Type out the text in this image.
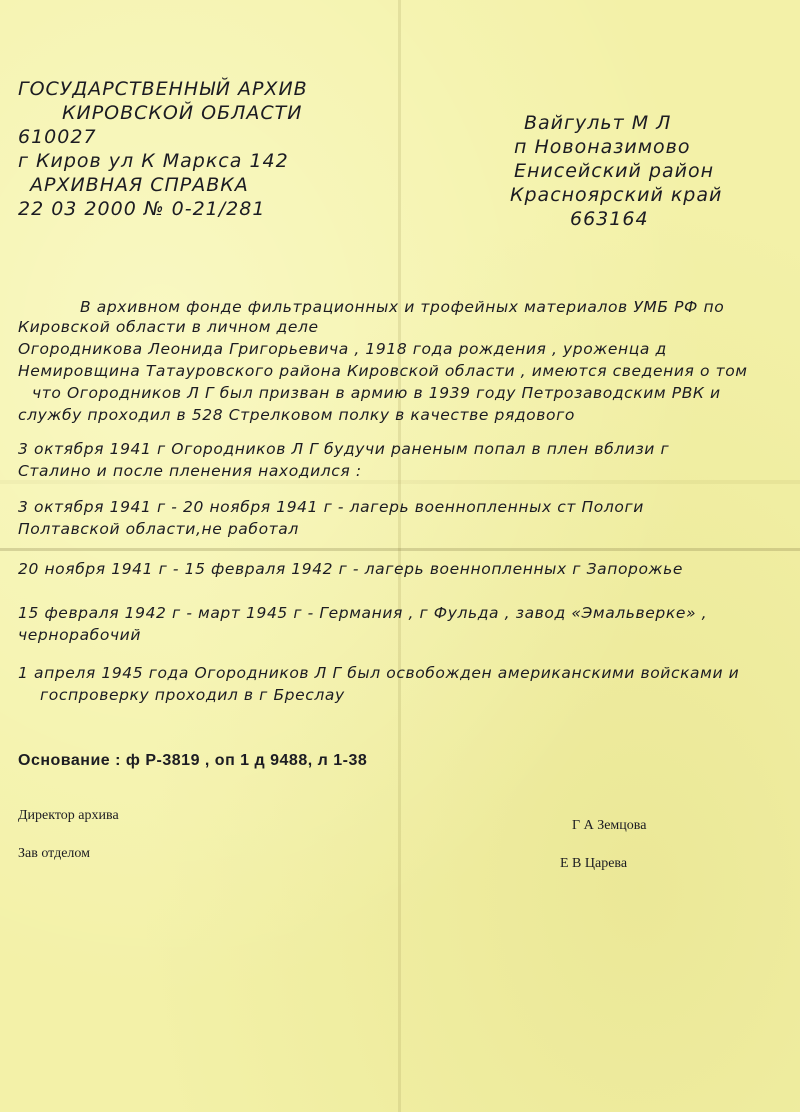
ГОСУДАРСТВЕННЫЙ АРХИВ
КИРОВСКОЙ ОБЛАСТИ
610027
г Киров ул К Маркса 142
АРХИВНАЯ СПРАВКА
22 03 2000 № 0-21/281
Вайгульт М Л
п Новоназимово
Енисейский район
Красноярский край
663164
В архивном фонде фильтрационных и трофейных материалов УМБ РФ по
Кировской области в личном деле
Огородникова Леонида Григорьевича , 1918 года рождения , уроженца д
Немировщина Татауровского района Кировской области , имеются сведения о том
что Огородников Л Г был призван в армию в 1939 году Петрозаводским РВК и
службу проходил в 528 Стрелковом полку в качестве рядового
3 октября 1941 г Огородников Л Г будучи раненым попал в плен вблизи г
Сталино и после пленения находился :
3 октября 1941 г - 20 ноября 1941 г - лагерь военнопленных ст Пологи
Полтавской области,не работал
20 ноября 1941 г - 15 февраля 1942 г - лагерь военнопленных г Запорожье
15 февраля 1942 г - март 1945 г - Германия , г Фульда , завод «Эмальверке» ,
чернорабочий
1 апреля 1945 года Огородников Л Г был освобожден американскими войсками и
госпроверку проходил в г Бреслау
Основание : ф Р-3819 , оп 1 д 9488, л 1-38
Директор архива
Г А Земцова
Зав отделом
Е В Царева
